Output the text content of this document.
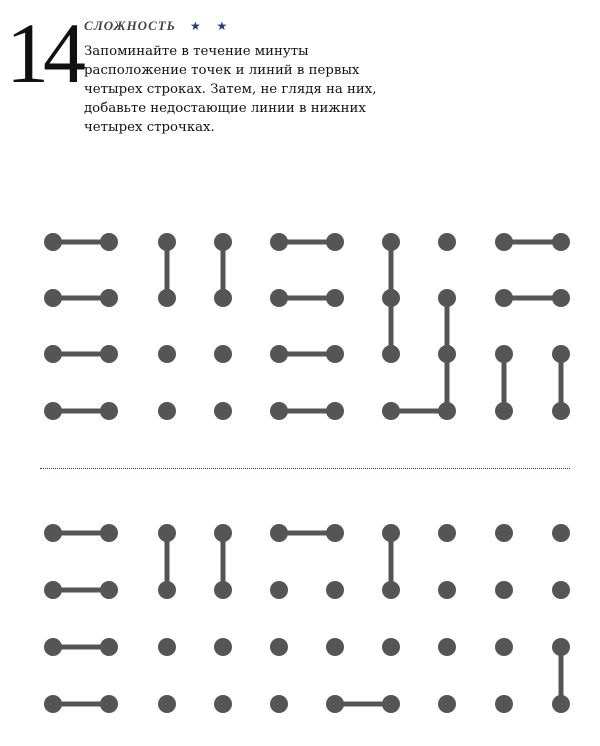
14 СЛОЖНОСТЬ ★ ★

Запоминайте в течение минуты расположение точек и линий в первых четырех строках. Затем, не глядя на них, добавьте недостающие линии в нижних четырех строчках.
